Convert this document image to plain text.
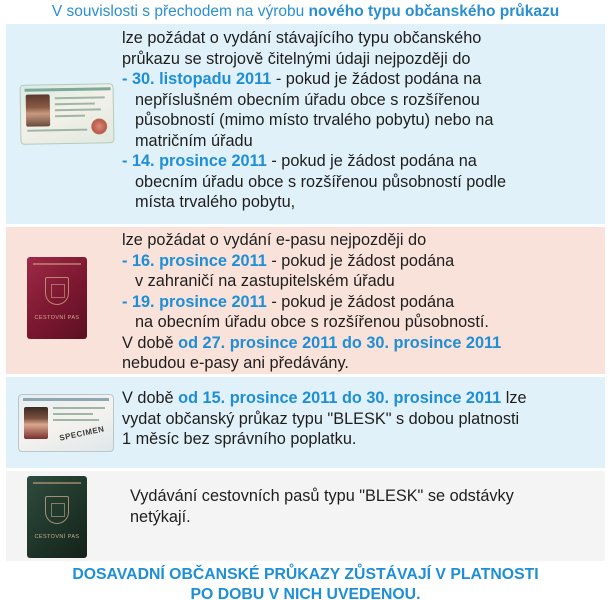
V souvislosti s přechodem na výrobu nového typu občanského průkazu
lze požádat o vydání stávajícího typu občanského
průkazu se strojově čitelnými údaji nejpozději do
- 30. listopadu 2011 - pokud je žádost podána na
nepříslušném obecním úřadu obce s rozšířenou
působností (mimo místo trvalého pobytu) nebo na
matričním úřadu
- 14. prosince 2011 - pokud je žádost podána na
obecním úřadu obce s rozšířenou působností podle
místa trvalého pobytu,
CESTOVNÍ PAS
lze požádat o vydání e-pasu nejpozději do
- 16. prosince 2011 - pokud je žádost podána
v zahraničí na zastupitelském úřadu
- 19. prosince 2011 - pokud je žádost podána
na obecním úřadu obce s rozšířenou působností.
V době od 27. prosince 2011 do 30. prosince 2011
nebudou e-pasy ani předávány.
SPECIMEN
V době od 15. prosince 2011 do 30. prosince 2011 lze
vydat občanský průkaz typu "BLESK" s dobou platnosti
1 měsíc bez správního poplatku.
CESTOVNÍ PAS
Vydávání cestovních pasů typu "BLESK" se odstávky
netýkají.
DOSAVADNÍ OBČANSKÉ PRŮKAZY ZŮSTÁVAJÍ V PLATNOSTI
PO DOBU V NICH UVEDENOU.
